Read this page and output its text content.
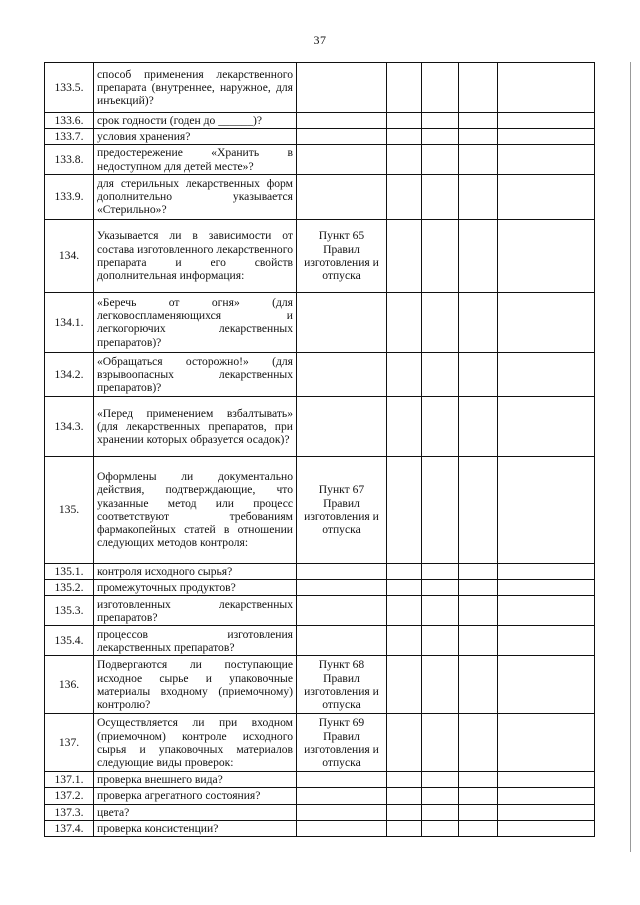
37
133.5.	способ применения лекарственного препарата (внутреннее, наружное, для инъекций)?					
133.6.	срок годности (годен до ______)?					
133.7.	условия хранения?					
133.8.	предостережение «Хранить в недоступном для детей месте»?					
133.9.	для стерильных лекарственных форм дополнительно указывается «Стерильно»?					
134.	Указывается ли в зависимости от состава изготовленного лекарственного препарата и его свойств дополнительная информация:	Пункт 65 Правил изготовления и отпуска				
134.1.	«Беречь от огня» (для легковоспламеняющихся и легкогорючих лекарственных препаратов)?					
134.2.	«Обращаться осторожно!» (для взрывоопасных лекарственных препаратов)?					
134.3.	«Перед применением взбалтывать» (для лекарственных препаратов, при хранении которых образуется осадок)?					
135.	Оформлены ли документально действия, подтверждающие, что указанные метод или процесс соответствуют требованиям фармакопейных статей в отношении следующих методов контроля:	Пункт 67 Правил изготовления и отпуска				
135.1.	контроля исходного сырья?					
135.2.	промежуточных продуктов?					
135.3.	изготовленных лекарственных препаратов?					
135.4.	процессов изготовления лекарственных препаратов?					
136.	Подвергаются ли поступающие исходное сырье и упаковочные материалы входному (приемочному) контролю?	Пункт 68 Правил изготовления и отпуска				
137.	Осуществляется ли при входном (приемочном) контроле исходного сырья и упаковочных материалов следующие виды проверок:	Пункт 69 Правил изготовления и отпуска				
137.1.	проверка внешнего вида?					
137.2.	проверка агрегатного состояния?					
137.3.	цвета?					
137.4.	проверка консистенции?					
